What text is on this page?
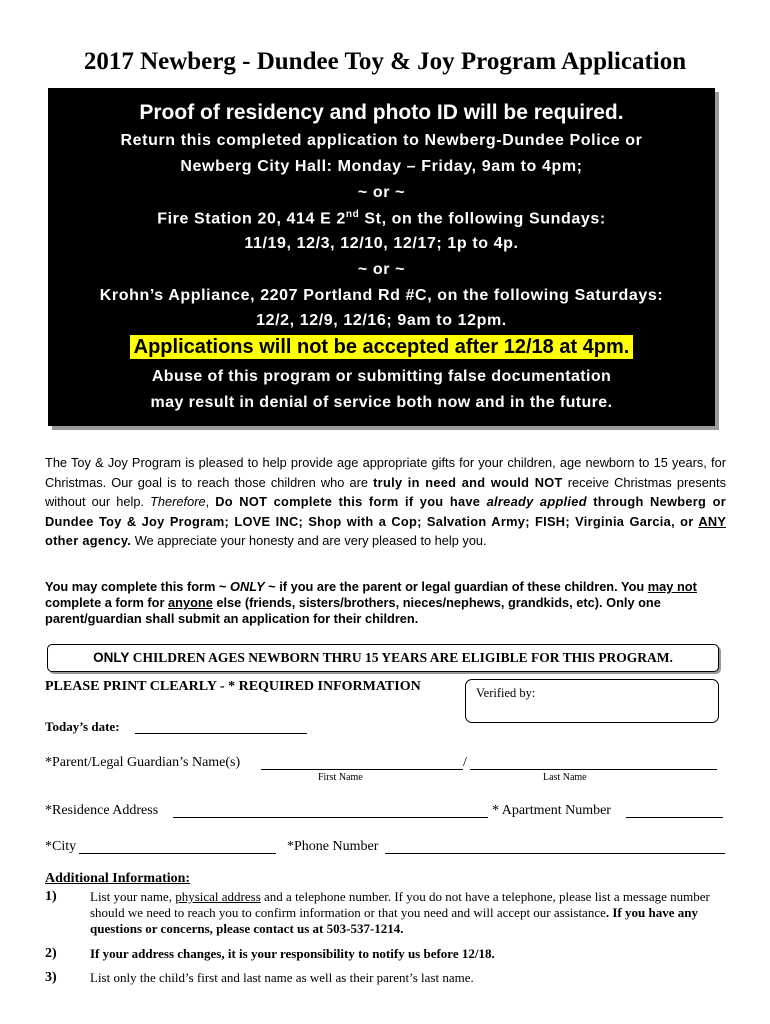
2017 Newberg - Dundee Toy & Joy Program Application
Proof of residency and photo ID will be required.
Return this completed application to Newberg-Dundee Police or
Newberg City Hall: Monday – Friday, 9am to 4pm;
~ or ~
Fire Station 20, 414 E 2nd St, on the following Sundays:
11/19, 12/3, 12/10, 12/17; 1p to 4p.
~ or ~
Krohn’s Appliance, 2207 Portland Rd #C, on the following Saturdays:
12/2, 12/9, 12/16; 9am to 12pm.
Applications will not be accepted after 12/18 at 4pm.
Abuse of this program or submitting false documentation
may result in denial of service both now and in the future.
The Toy & Joy Program is pleased to help provide age appropriate gifts for your children, age newborn to 15 years, for Christmas. Our goal is to reach those children who are truly in need and would NOT receive Christmas presents without our help. Therefore, Do NOT complete this form if you have already applied through Newberg or Dundee Toy & Joy Program; LOVE INC; Shop with a Cop; Salvation Army; FISH; Virginia Garcia, or ANY other agency. We appreciate your honesty and are very pleased to help you.
You may complete this form ~ ONLY ~ if you are the parent or legal guardian of these children. You may not complete a form for anyone else (friends, sisters/brothers, nieces/nephews, grandkids, etc). Only one parent/guardian shall submit an application for their children.
ONLY CHILDREN AGES NEWBORN THRU 15 YEARS ARE ELIGIBLE FOR THIS PROGRAM.
PLEASE PRINT CLEARLY - * REQUIRED INFORMATION	Verified by:
Today’s date:
*Parent/Legal Guardian’s Name(s)	/
First Name	Last Name
*Residence Address	* Apartment Number
*City	*Phone Number
Additional Information:
1)	List your name, physical address and a telephone number. If you do not have a telephone, please list a message number should we need to reach you to confirm information or that you need and will accept our assistance. If you have any questions or concerns, please contact us at 503-537-1214.
2)	If your address changes, it is your responsibility to notify us before 12/18.
3)	List only the child’s first and last name as well as their parent’s last name.
